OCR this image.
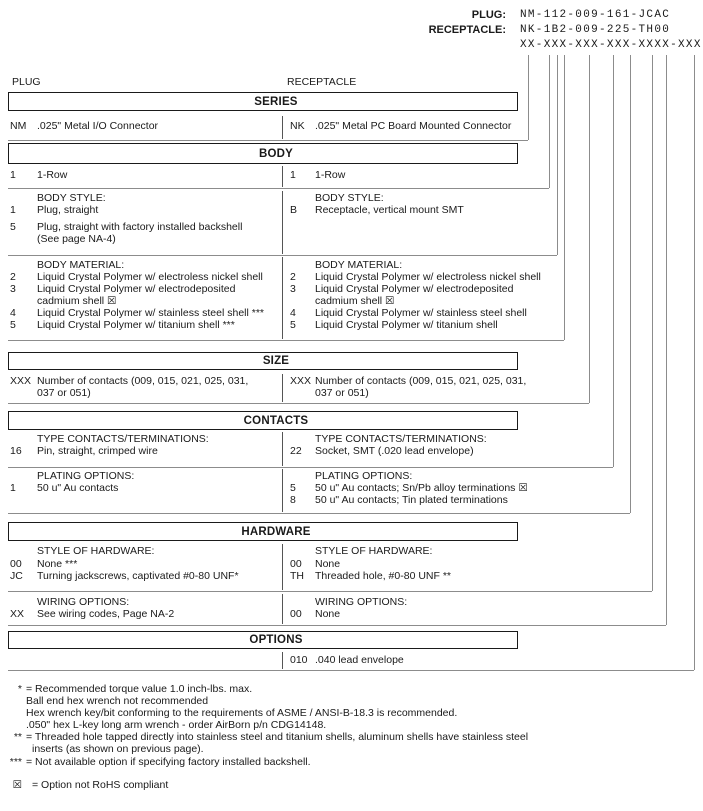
PLUG: NM-112-009-161-JCAC
RECEPTACLE: NK-1B2-009-225-TH00
XX-XXX-XXX-XXX-XXXX-XXX
PLUG	RECEPTACLE
SERIES
NM	.025" Metal I/O Connector	NK .025" Metal PC Board Mounted Connector
BODY
1	1-Row	1	1-Row
BODY STYLE:
1	Plug, straight
5	Plug, straight with factory installed backshell
(See page NA-4)
BODY STYLE:
B	Receptacle, vertical mount SMT
BODY MATERIAL:
2	Liquid Crystal Polymer w/ electroless nickel shell
3	Liquid Crystal Polymer w/ electrodeposited
cadmium shell ☒
4	Liquid Crystal Polymer w/ stainless steel shell ***
5	Liquid Crystal Polymer w/ titanium shell ***
BODY MATERIAL:
2	Liquid Crystal Polymer w/ electroless nickel shell
3	Liquid Crystal Polymer w/ electrodeposited
cadmium shell ☒
4	Liquid Crystal Polymer w/ stainless steel shell
5	Liquid Crystal Polymer w/ titanium shell
SIZE
XXX Number of contacts (009, 015, 021, 025, 031,
037 or 051)
XXX Number of contacts (009, 015, 021, 025, 031,
037 or 051)
CONTACTS
TYPE CONTACTS/TERMINATIONS:
16	Pin, straight, crimped wire
TYPE CONTACTS/TERMINATIONS:
22	Socket, SMT (.020 lead envelope)
PLATING OPTIONS:
1	50 u" Au contacts
PLATING OPTIONS:
5	50 u" Au contacts; Sn/Pb alloy terminations ☒
8	50 u" Au contacts; Tin plated terminations
HARDWARE
STYLE OF HARDWARE:
00	None ***
JC	Turning jackscrews, captivated #0-80 UNF*
STYLE OF HARDWARE:
00	None
TH	Threaded hole, #0-80 UNF **
WIRING OPTIONS:
XX	See wiring codes, Page NA-2
WIRING OPTIONS:
00	None
OPTIONS
010 .040 lead envelope
* = Recommended torque value 1.0 inch-lbs. max.
Ball end hex wrench not recommended
Hex wrench key/bit conforming to the requirements of ASME / ANSI-B-18.3 is recommended.
.050" hex L-key long arm wrench - order AirBorn p/n CDG14148.
** = Threaded hole tapped directly into stainless steel and titanium shells, aluminum shells have stainless steel
inserts (as shown on previous page).
*** = Not available option if specifying factory installed backshell.
☒ = Option not RoHS compliant
